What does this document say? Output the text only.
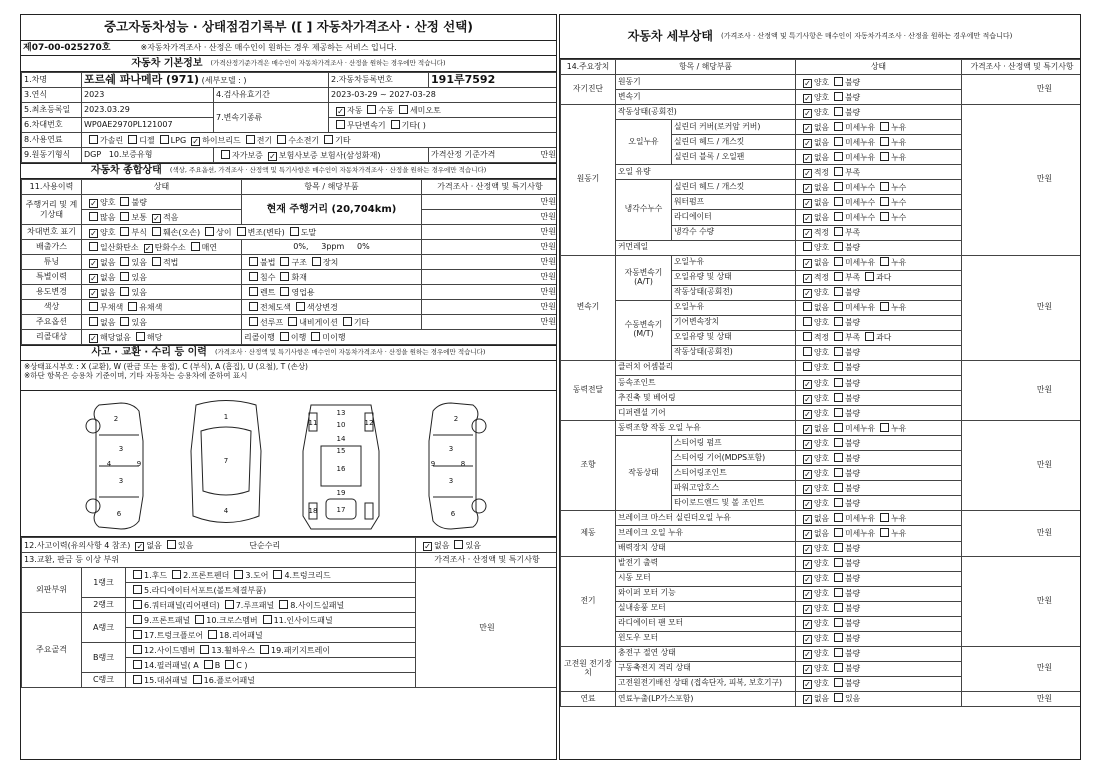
중고자동차성능 · 상태점검기록부 ([ ] 자동차가격조사 · 산정 선택)
제07-00-025270호	※자동차가격조사 · 산정은 매수인이 원하는 경우 제공하는 서비스 입니다.
자동차 기본정보 (가격산정기준가격은 매수인이 자동차가격조사 · 산정을 원하는 경우에만 적습니다)
1.차명	포르쉐 파나메라 (971) (세부모델 : )		2.자동차등록번호	191루7592
3.연식	2023	4.검사유효기간	2023-03-29 ~ 2027-03-28	
5.최초등록일	2023.03.29	7.변속기종류	✓자동 수동 세미오토
6.차대번호	WP0AE2970PL121007		무단변속기 기타( )	
8.사용연료	가솔린 디젤 LPG ✓ 하이브리드 전기 수소전기 기타
9.원동기형식	DGP 10.보증유형	자가보증 ✓ 보험사보증 보험사(삼성화재)		가격산정 기준가격 만원
자동차 종합상태 (색상, 주요옵션, 가격조사 · 산정액 및 특기사항은 매수인이 자동차가격조사 · 산정을 원하는 경우에만 적습니다)
11.사용이력	상태	항목 / 해당부품	가격조사 · 산정액 및 특기사항
주행거리 및 계기상태	✓양호 불량	현재 주행거리 (20,704km)	만원
	많음 보통 ✓ 적음		만원
차대번호 표기	✓양호 부식 훼손(오손) 상이 변조(변타) 도말		만원
배출가스	일산화탄소 ✓ 탄화수소 매연	0%,     3ppm     0%	만원
튜닝	✓없음 있음 적법	불법 구조 장치	만원
특별이력	✓없음 있음	침수 화재	만원
용도변경	✓없음 있음	렌트 영업용	만원
색상	무채색 유채색	전체도색 색상변경	만원
주요옵션	없음 있음	선루프 내비게이션 기타	만원
리콜대상	✓해당없음 해당	리콜이행 이행 미이행	
사고 · 교환 · 수리 등 이력 (가격조사 · 산정액 및 특기사항은 매수인이 자동차가격조사 · 산정을 원하는 경우에만 적습니다)
※상태표시부호 : X (교환), W (판금 또는 용접), C (부식), A (흠집), U (요철), T (손상)
※하단 항목은 승용차 기준이며, 기타 자동차는 승용차에 준하여 표시
2
3
3
4
6
9
1
7
4
11
13
10	12
14
15
16
17
18
19
2
3
3
6
8
9
12.사고이력(유의사항 4 참조) ✓ 없음 있음 단순수리	✓없음 있음
13.교환, 판금 등 이상 부위			가격조사 · 산정액 및 특기사항
외판부위	1랭크	1.후드 2.프론트펜더 3.도어 4.트렁크리드	만원
		5.라디에이터서포트(볼트체결부품)	
	2랭크	6.쿼터패널(리어펜더) 7.루프패널 8.사이드실패널	
주요골격	A랭크	9.프론트패널 10.크로스멤버 11.인사이드패널	
		17.트렁크플로어 18.리어패널	
	B랭크	12.사이드멤버 13.휠하우스 19.패키지트레이	
		14.필러패널( A B C )	
	C랭크	15.대쉬패널 16.플로어패널	
자동차 세부상태 (가격조사 · 산정액 및 특기사항은 매수인이 자동차가격조사 · 산정을 원하는 경우에만 적습니다)
14.주요장치	항목 / 해당부품		상태	가격조사 · 산정액 및 특기사항
자기진단	원동기	✓양호 불량	만원
	변속기	✓양호 불량
원동기	작동상태(공회전)	✓양호 불량	만원
	오일누유	실린더 커버(로커암 커버)	✓없음 미세누유 누유
		실린더 헤드 / 개스킷	✓없음 미세누유 누유
		실린더 블록 / 오일팬	✓없음 미세누유 누유
	오일 유량	✓적정 부족
	냉각수누수	실린더 헤드 / 개스킷	✓없음 미세누수 누수
		워터펌프	✓없음 미세누수 누수
		라디에이터	✓없음 미세누수 누수
		냉각수 수량	✓적정 부족
	커먼레일		양호 불량	
변속기	자동변속기 (A/T)	오일누유	✓없음 미세누유 누유	만원
		오일유량 및 상태	✓적정 부족 과다
		작동상태(공회전)	✓양호 불량
	수동변속기 (M/T)	오일누유	없음 미세누유 누유	
		기어변속장치	양호 불량	
		오일유량 및 상태	적정 부족 과다	
		작동상태(공회전)	양호 불량	
동력전달	클러치 어셈블리		양호 불량	만원
	등속조인트	✓양호 불량
	추진축 및 베어링	✓양호 불량
	디퍼렌셜 기어	✓양호 불량
조향	동력조향 작동 오일 누유	✓없음 미세누유 누유	만원
	작동상태	스티어링 펌프	✓양호 불량
		스티어링 기어(MDPS포함)	✓양호 불량
		스티어링조인트	✓양호 불량
		파워고압호스	✓양호 불량
		타이로드엔드 및 볼 조인트	✓양호 불량
제동	브레이크 마스터 실린더오일 누유	✓없음 미세누유 누유	만원
	브레이크 오일 누유	✓없음 미세누유 누유
	배력장치 상태	✓양호 불량
전기	발전기 출력	✓양호 불량	만원
	시동 모터	✓양호 불량
	와이퍼 모터 기능	✓양호 불량
	실내송풍 모터	✓양호 불량
	라디에이터 팬 모터	✓양호 불량
	윈도우 모터	✓양호 불량
고전원 전기장치	충전구 절연 상태	✓양호 불량	만원
	구동축전지 격리 상태	✓양호 불량
	고전원전기배선 상태 (접속단자, 피복, 보호기구)	✓양호 불량
연료	연료누출(LP가스포함)	✓없음 있음	만원
